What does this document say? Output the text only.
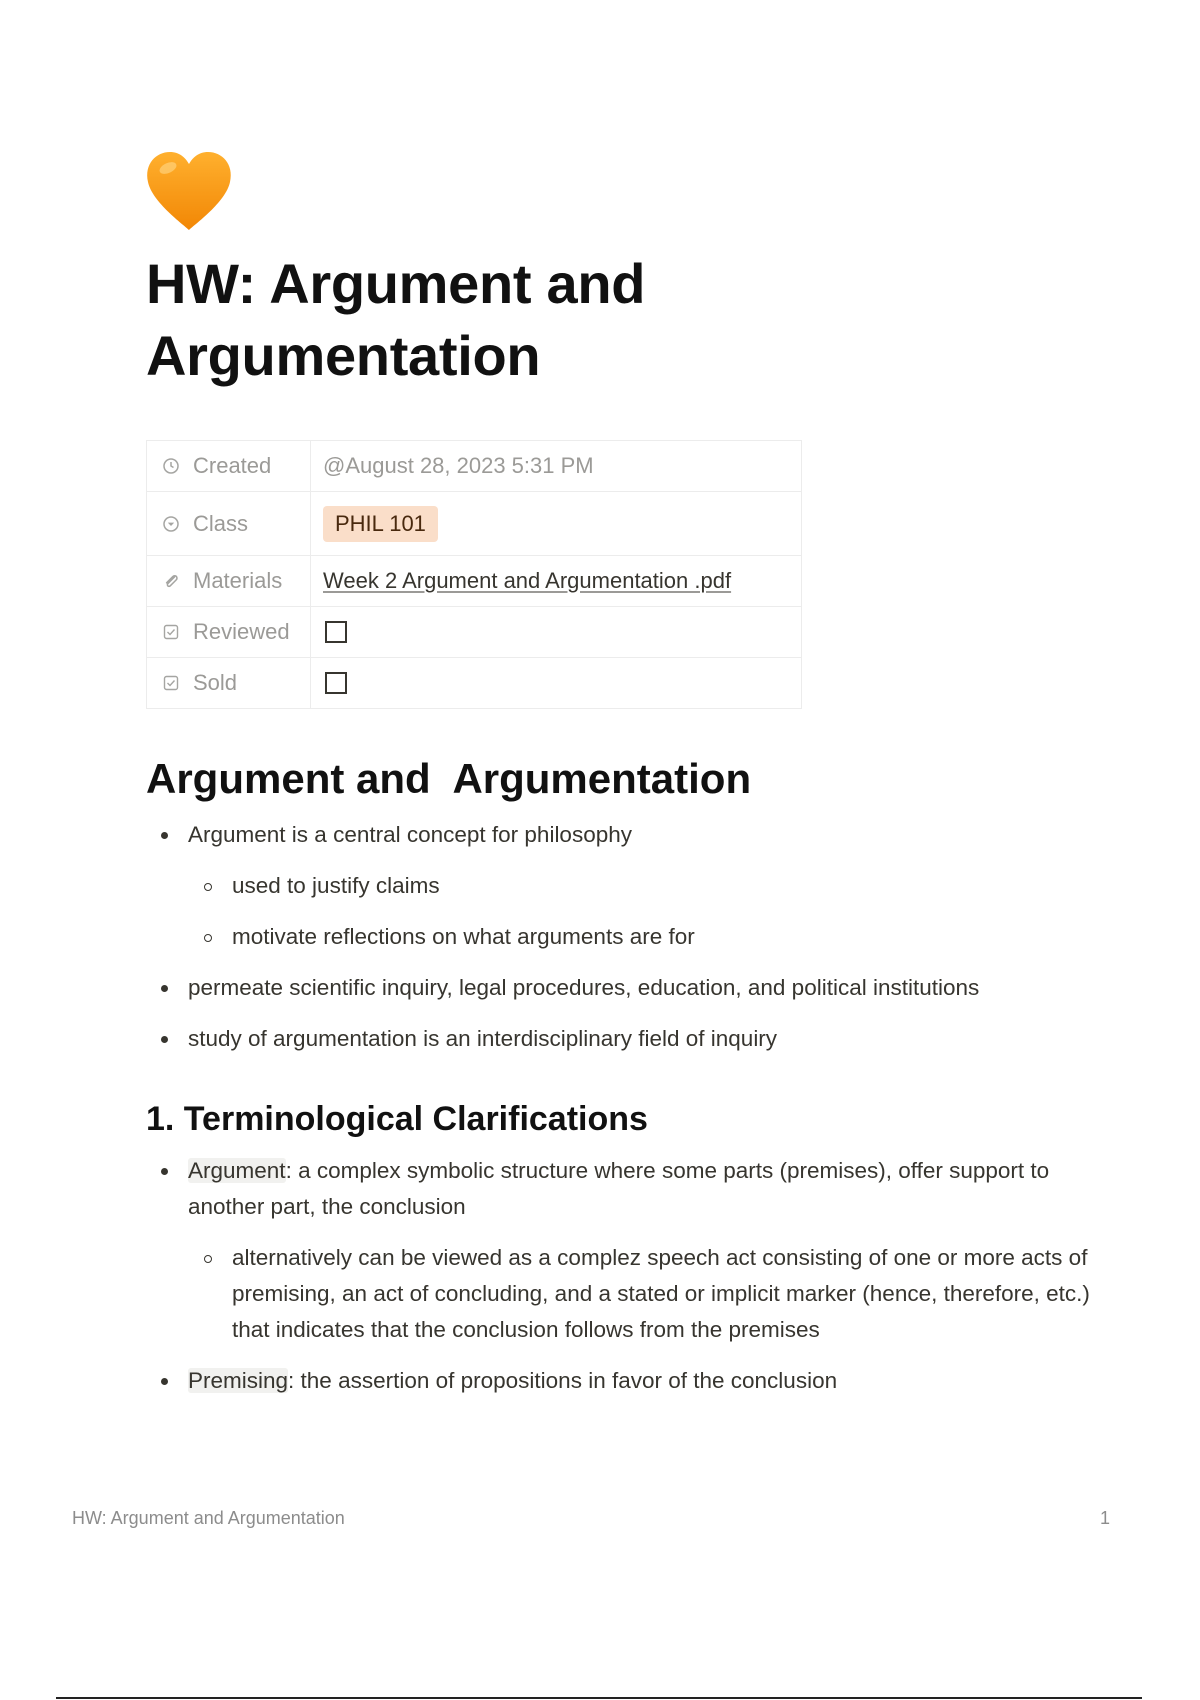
HW: Argument and Argumentation
Created	@August 28, 2023 5:31 PM
Class	PHIL 101
Materials Week 2 Argument and Argumentation .pdf
Reviewed
Sold
Argument and  Argumentation
Argument is a central concept for philosophy
used to justify claims
motivate reflections on what arguments are for
permeate scientific inquiry, legal procedures, education, and political institutions
study of argumentation is an interdisciplinary field of inquiry
1. Terminological Clarifications
Argument: a complex symbolic structure where some parts (premises), offer support to another part, the conclusion
alternatively can be viewed as a complez speech act consisting of one or more acts of premising, an act of concluding, and a stated or implicit marker (hence, therefore, etc.) that indicates that the conclusion follows from the premises
Premising: the assertion of propositions in favor of the conclusion
HW: Argument and Argumentation	1
